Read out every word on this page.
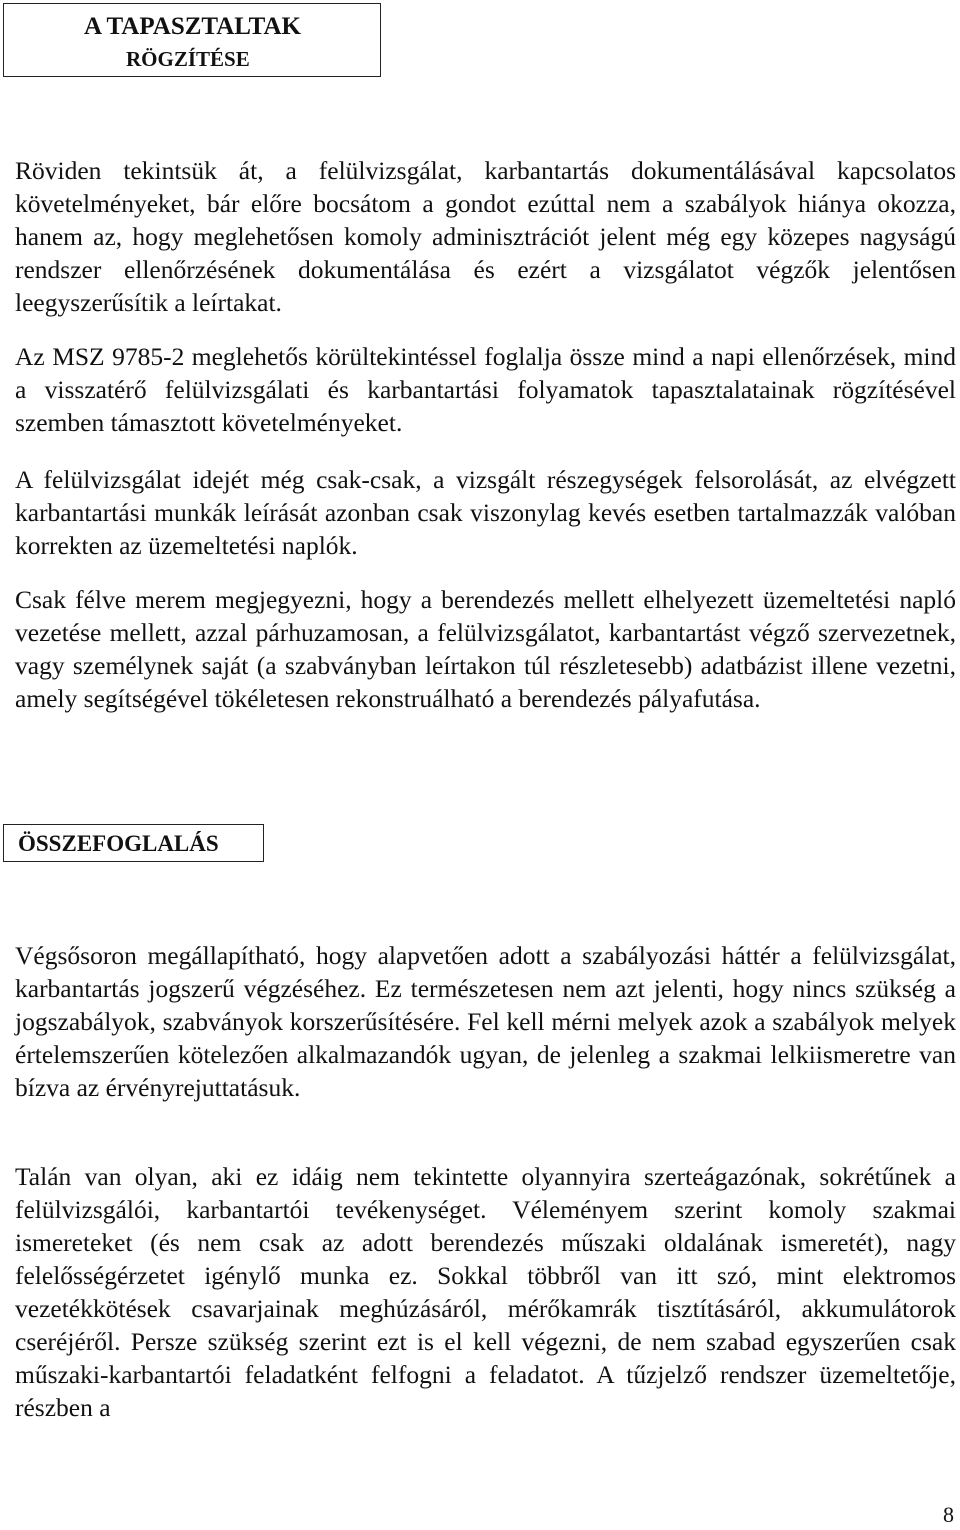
A TAPASZTALTAK
RÖGZÍTÉSE

Röviden tekintsük át, a felülvizsgálat, karbantartás dokumentálásával kapcsolatos követelményeket, bár előre bocsátom a gondot ezúttal nem a szabályok hiánya okozza, hanem az, hogy meglehetősen komoly adminisztrációt jelent még egy közepes nagyságú rendszer ellenőrzésének dokumentálása és ezért a vizsgálatot végzők jelentősen leegyszerűsítik a leírtakat.

Az MSZ 9785-2 meglehetős körültekintéssel foglalja össze mind a napi ellenőrzések, mind a visszatérő felülvizsgálati és karbantartási folyamatok tapasztalatainak rögzítésével szemben támasztott követelményeket.

A felülvizsgálat idejét még csak-csak, a vizsgált részegységek felsorolását, az elvégzett karbantartási munkák leírását azonban csak viszonylag kevés esetben tartalmazzák valóban korrekten az üzemeltetési naplók.

Csak félve merem megjegyezni, hogy a berendezés mellett elhelyezett üzemeltetési napló vezetése mellett, azzal párhuzamosan, a felülvizsgálatot, karbantartást végző szervezetnek, vagy személynek saját (a szabványban leírtakon túl részletesebb) adatbázist illene vezetni, amely segítségével tökéletesen rekonstruálható a berendezés pályafutása.

ÖSSZEFOGLALÁS

Végsősoron megállapítható, hogy alapvetően adott a szabályozási háttér a felülvizsgálat, karbantartás jogszerű végzéséhez. Ez természetesen nem azt jelenti, hogy nincs szükség a jogszabályok, szabványok korszerűsítésére. Fel kell mérni melyek azok a szabályok melyek értelemszerűen kötelezően alkalmazandók ugyan, de jelenleg a szakmai lelkiismeretre van bízva az érvényrejuttatásuk.

Talán van olyan, aki ez idáig nem tekintette olyannyira szerteágazónak, sokrétűnek a felülvizsgálói, karbantartói tevékenységet. Véleményem szerint komoly szakmai ismereteket (és nem csak az adott berendezés műszaki oldalának ismeretét), nagy felelősségérzetet igénylő munka ez. Sokkal többről van itt szó, mint elektromos vezetékkötések csavarjainak meghúzásáról, mérőkamrák tisztításáról, akkumulátorok cseréjéről. Persze szükség szerint ezt is el kell végezni, de nem szabad egyszerűen csak műszaki-karbantartói feladatként felfogni a feladatot. A tűzjelző rendszer üzemeltetője, részben a

8
